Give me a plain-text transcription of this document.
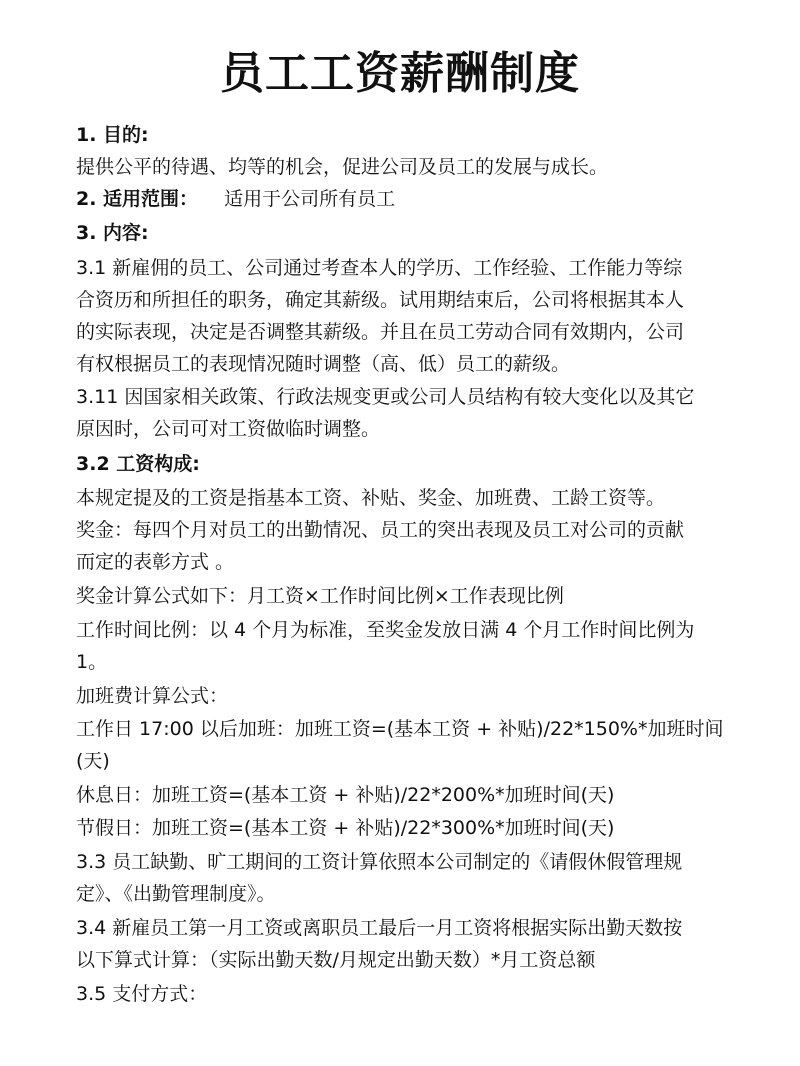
员工工资薪酬制度
1. 目的:
提供公平的待遇、均等的机会，促进公司及员工的发展与成长。
2. 适用范围： 适用于公司所有员工
3. 内容:
3.1 新雇佣的员工、公司通过考查本人的学历、工作经验、工作能力等综
合资历和所担任的职务，确定其薪级。试用期结束后，公司将根据其本人
的实际表现，决定是否调整其薪级。并且在员工劳动合同有效期内，公司
有权根据员工的表现情况随时调整（高、低）员工的薪级。
3.11 因国家相关政策、行政法规变更或公司人员结构有较大变化以及其它
原因时，公司可对工资做临时调整。
3.2 工资构成:
本规定提及的工资是指基本工资、补贴、奖金、加班费、工龄工资等。
奖金：每四个月对员工的出勤情况、员工的突出表现及员工对公司的贡献
而定的表彰方式 。
奖金计算公式如下：月工资×工作时间比例×工作表现比例
工作时间比例：以 4 个月为标准，至奖金发放日满 4 个月工作时间比例为
1。
加班费计算公式：
工作日 17:00 以后加班：加班工资=(基本工资 + 补贴)/22*150%*加班时间
(天)
休息日：加班工资=(基本工资 + 补贴)/22*200%*加班时间(天)
节假日：加班工资=(基本工资 + 补贴)/22*300%*加班时间(天)
3.3 员工缺勤、旷工期间的工资计算依照本公司制定的《请假休假管理规
定》、《出勤管理制度》。
3.4 新雇员工第一月工资或离职员工最后一月工资将根据实际出勤天数按
以下算式计算：（实际出勤天数/月规定出勤天数）*月工资总额
3.5 支付方式：
